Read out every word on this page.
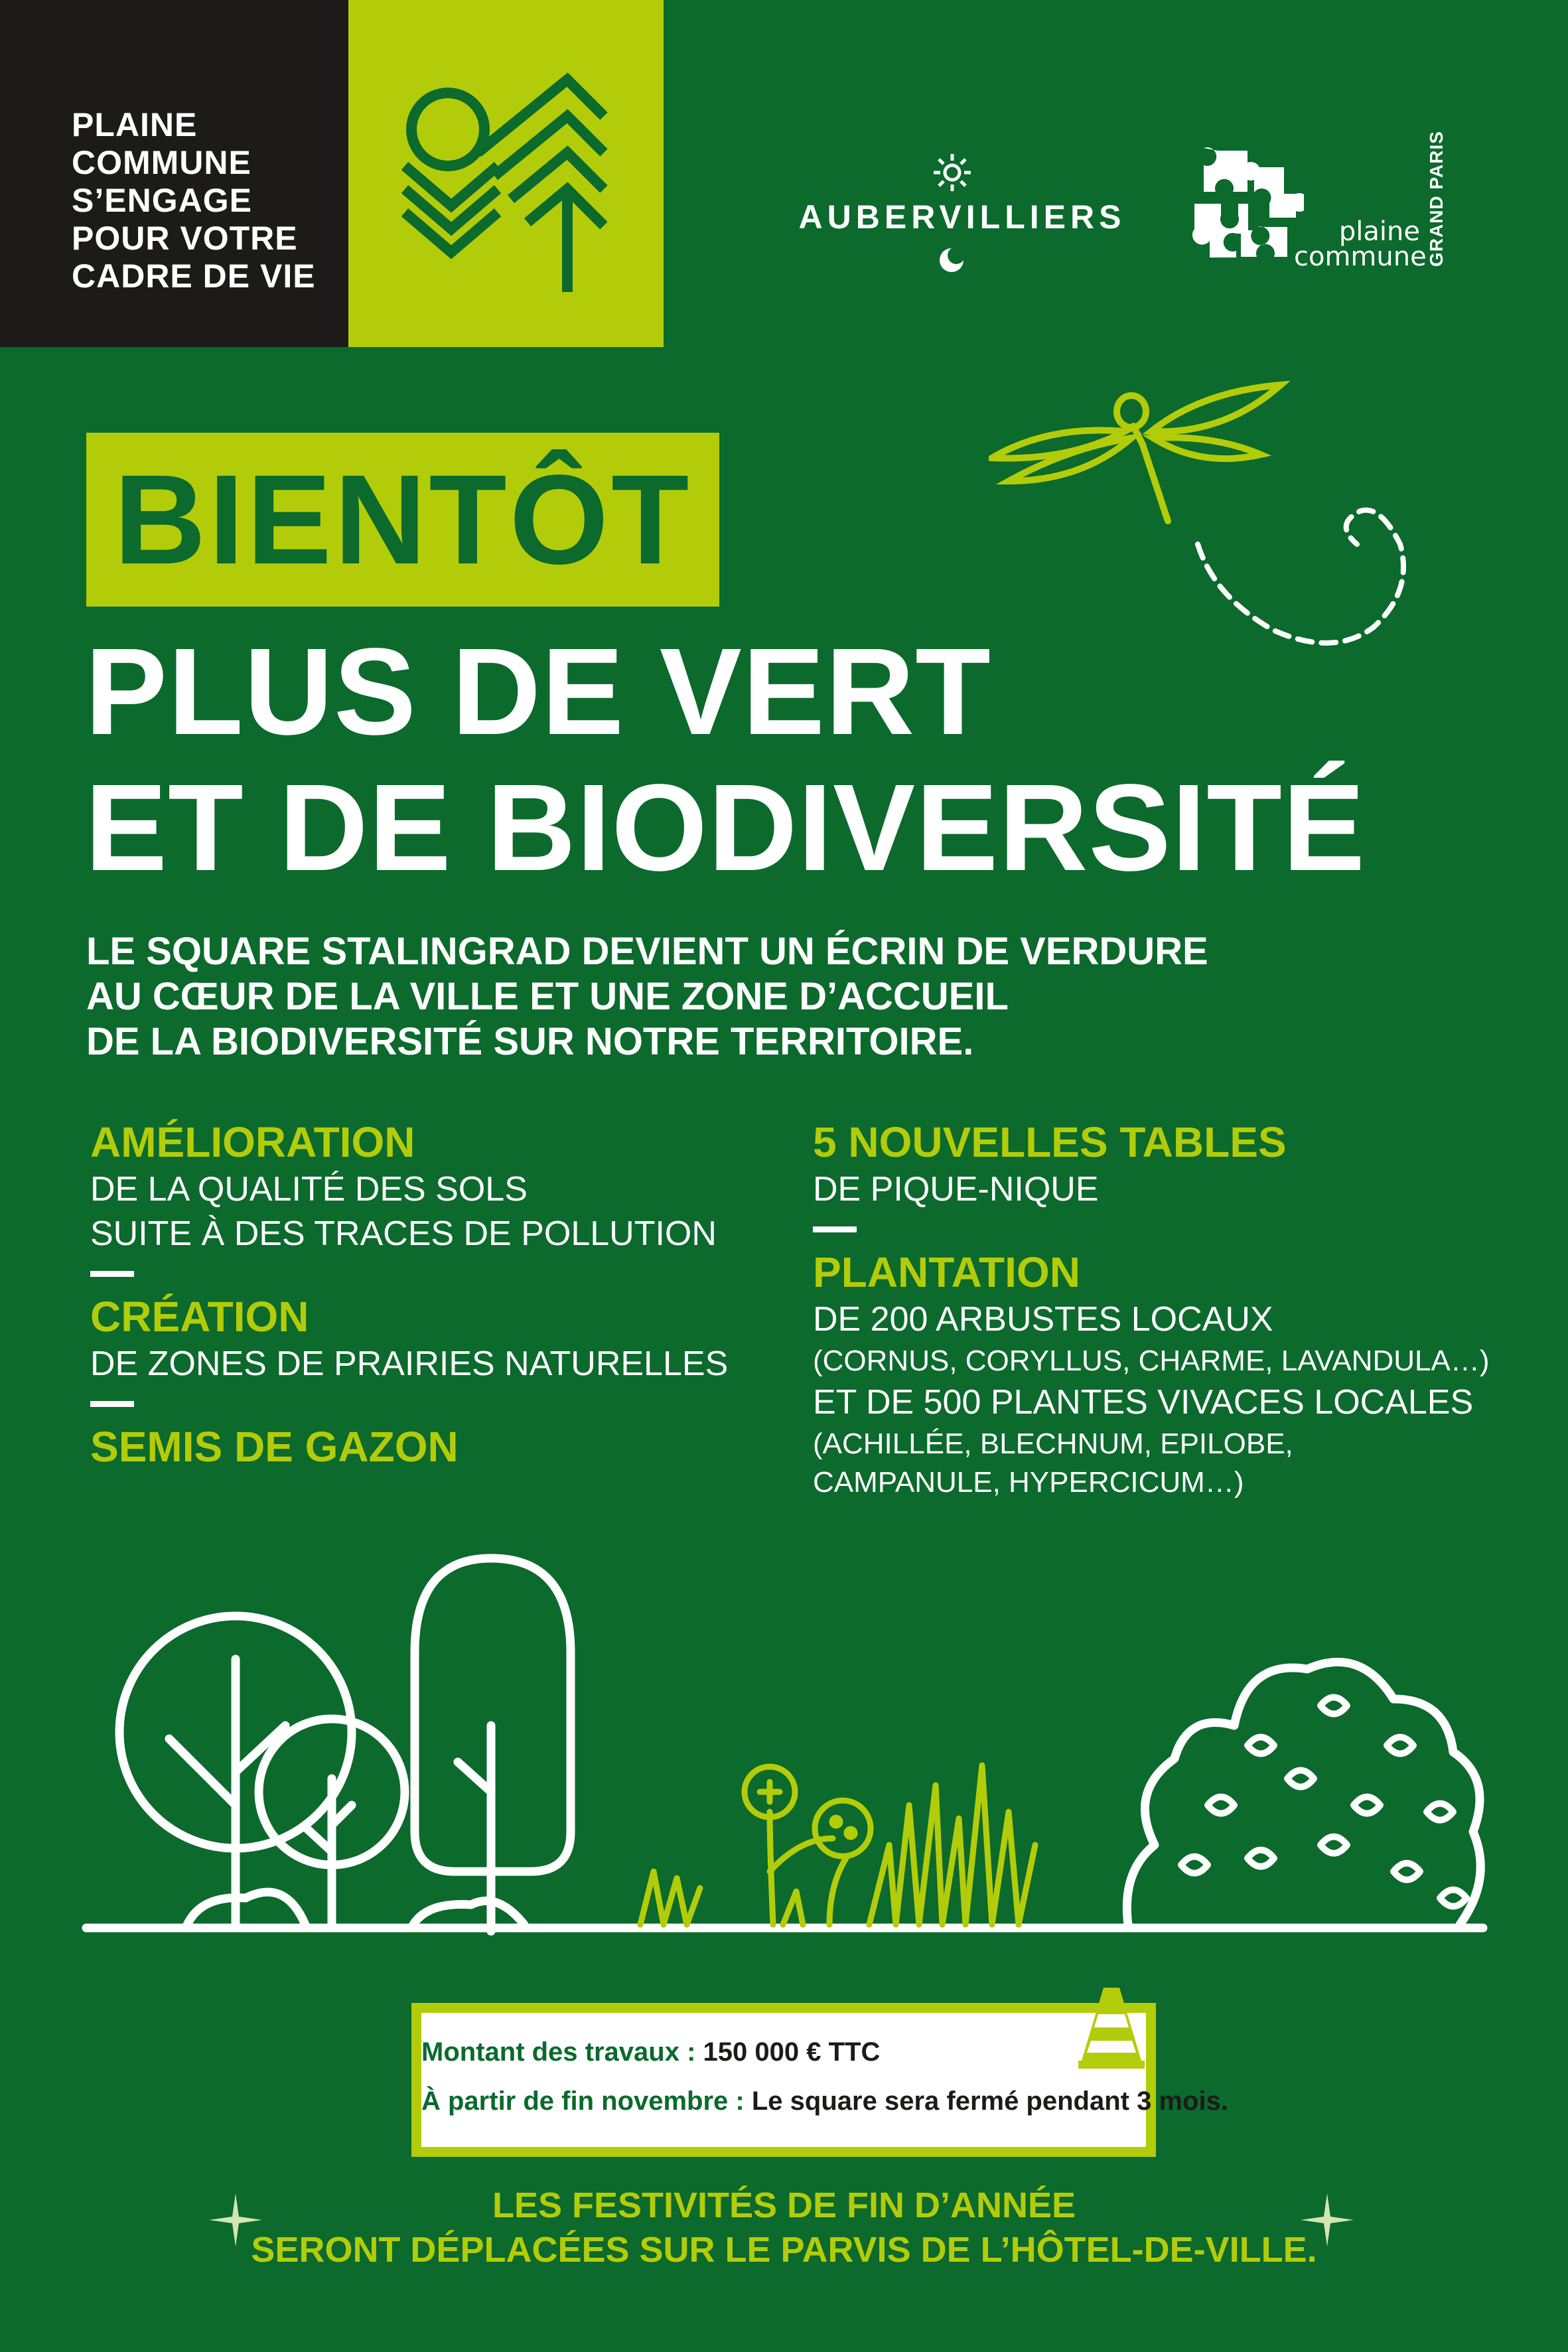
PLAINE
COMMUNE
S’ENGAGE
POUR VOTRE
CADRE DE VIE
AUBERVILLIERS	plaine
commune GRAND PARIS
BIENTÔT
PLUS DE VERT
ET DE BIODIVERSITÉ
LE SQUARE STALINGRAD DEVIENT UN ÉCRIN DE VERDURE
AU CŒUR DE LA VILLE ET UNE ZONE D’ACCUEIL
DE LA BIODIVERSITÉ SUR NOTRE TERRITOIRE.
AMÉLIORATION
DE LA QUALITÉ DES SOLS
SUITE À DES TRACES DE POLLUTION
CRÉATION
DE ZONES DE PRAIRIES NATURELLES
SEMIS DE GAZON
5 NOUVELLES TABLES
DE PIQUE-NIQUE
PLANTATION
DE 200 ARBUSTES LOCAUX
(CORNUS, CORYLLUS, CHARME, LAVANDULA…)
ET DE 500 PLANTES VIVACES LOCALES
(ACHILLÉE, BLECHNUM, EPILOBE,
CAMPANULE, HYPERCICUM…)
Montant des travaux : 150 000 € TTC
À partir de fin novembre : Le square sera fermé pendant 3 mois.
LES FESTIVITÉS DE FIN D’ANNÉE
SERONT DÉPLACÉES SUR LE PARVIS DE L’HÔTEL-DE-VILLE.
